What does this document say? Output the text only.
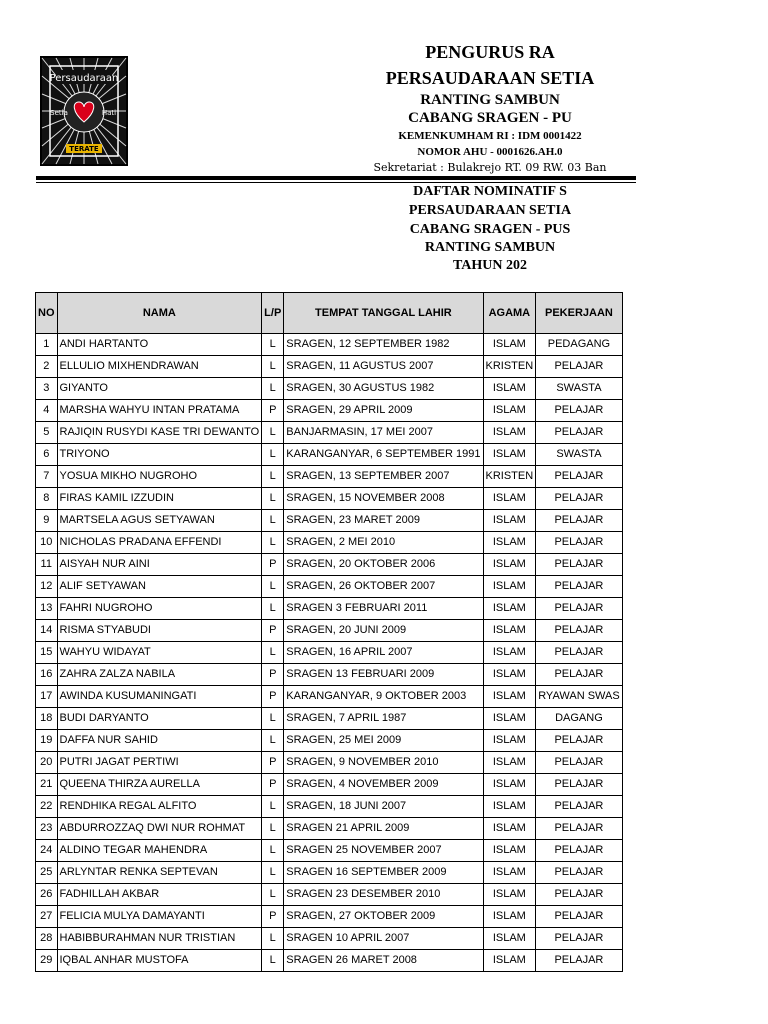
Persaudaraan
Setia	Hati
TERATE
PENGURUS RA
PERSAUDARAAN SETIA
RANTING SAMBUN
CABANG SRAGEN - PU
KEMENKUMHAM RI : IDM 0001422
NOMOR AHU - 0001626.AH.0
Sekretariat : Bulakrejo RT. 09 RW. 03 Ban
DAFTAR NOMINATIF S
PERSAUDARAAN SETIA
CABANG SRAGEN - PUS
RANTING SAMBUN
TAHUN 202
NO	NAMA	L/P	TEMPAT TANGGAL LAHIR	AGAMA	PEKERJAAN
1	ANDI HARTANTO	L	SRAGEN, 12 SEPTEMBER 1982	ISLAM	PEDAGANG
2	ELLULIO MIXHENDRAWAN	L	SRAGEN, 11 AGUSTUS 2007	KRISTEN	PELAJAR
3	GIYANTO	L	SRAGEN, 30 AGUSTUS 1982	ISLAM	SWASTA
4	MARSHA WAHYU INTAN PRATAMA	P	SRAGEN, 29 APRIL 2009	ISLAM	PELAJAR
5	RAJIQIN RUSYDI KASE TRI DEWANTO	L	BANJARMASIN, 17 MEI 2007	ISLAM	PELAJAR
6	TRIYONO	L	KARANGANYAR, 6 SEPTEMBER 1991	ISLAM	SWASTA
7	YOSUA MIKHO NUGROHO	L	SRAGEN, 13 SEPTEMBER 2007	KRISTEN	PELAJAR
8	FIRAS KAMIL IZZUDIN	L	SRAGEN, 15 NOVEMBER 2008	ISLAM	PELAJAR
9	MARTSELA AGUS SETYAWAN	L	SRAGEN, 23 MARET 2009	ISLAM	PELAJAR
10	NICHOLAS PRADANA EFFENDI	L	SRAGEN, 2 MEI 2010	ISLAM	PELAJAR
11	AISYAH NUR AINI	P	SRAGEN, 20 OKTOBER 2006	ISLAM	PELAJAR
12	ALIF SETYAWAN	L	SRAGEN, 26 OKTOBER 2007	ISLAM	PELAJAR
13	FAHRI NUGROHO	L	SRAGEN 3 FEBRUARI 2011	ISLAM	PELAJAR
14	RISMA STYABUDI	P	SRAGEN, 20 JUNI 2009	ISLAM	PELAJAR
15	WAHYU WIDAYAT	L	SRAGEN, 16 APRIL 2007	ISLAM	PELAJAR
16	ZAHRA ZALZA NABILA	P	SRAGEN 13 FEBRUARI 2009	ISLAM	PELAJAR
17	AWINDA KUSUMANINGATI	P	KARANGANYAR, 9 OKTOBER 2003	ISLAM	RYAWAN SWAS
18	BUDI DARYANTO	L	SRAGEN, 7 APRIL 1987	ISLAM	DAGANG
19	DAFFA NUR SAHID	L	SRAGEN, 25 MEI 2009	ISLAM	PELAJAR
20	PUTRI JAGAT PERTIWI	P	SRAGEN, 9 NOVEMBER 2010	ISLAM	PELAJAR
21	QUEENA THIRZA AURELLA	P	SRAGEN, 4 NOVEMBER 2009	ISLAM	PELAJAR
22	RENDHIKA REGAL ALFITO	L	SRAGEN, 18 JUNI 2007	ISLAM	PELAJAR
23	ABDURROZZAQ DWI NUR ROHMAT	L	SRAGEN 21 APRIL 2009	ISLAM	PELAJAR
24	ALDINO TEGAR MAHENDRA	L	SRAGEN 25 NOVEMBER 2007	ISLAM	PELAJAR
25	ARLYNTAR RENKA SEPTEVAN	L	SRAGEN 16 SEPTEMBER 2009	ISLAM	PELAJAR
26	FADHILLAH AKBAR	L	SRAGEN 23 DESEMBER 2010	ISLAM	PELAJAR
27	FELICIA MULYA DAMAYANTI	P	SRAGEN, 27 OKTOBER 2009	ISLAM	PELAJAR
28	HABIBBURAHMAN NUR TRISTIAN	L	SRAGEN 10 APRIL 2007	ISLAM	PELAJAR
29	IQBAL ANHAR MUSTOFA	L	SRAGEN 26 MARET 2008	ISLAM	PELAJAR
